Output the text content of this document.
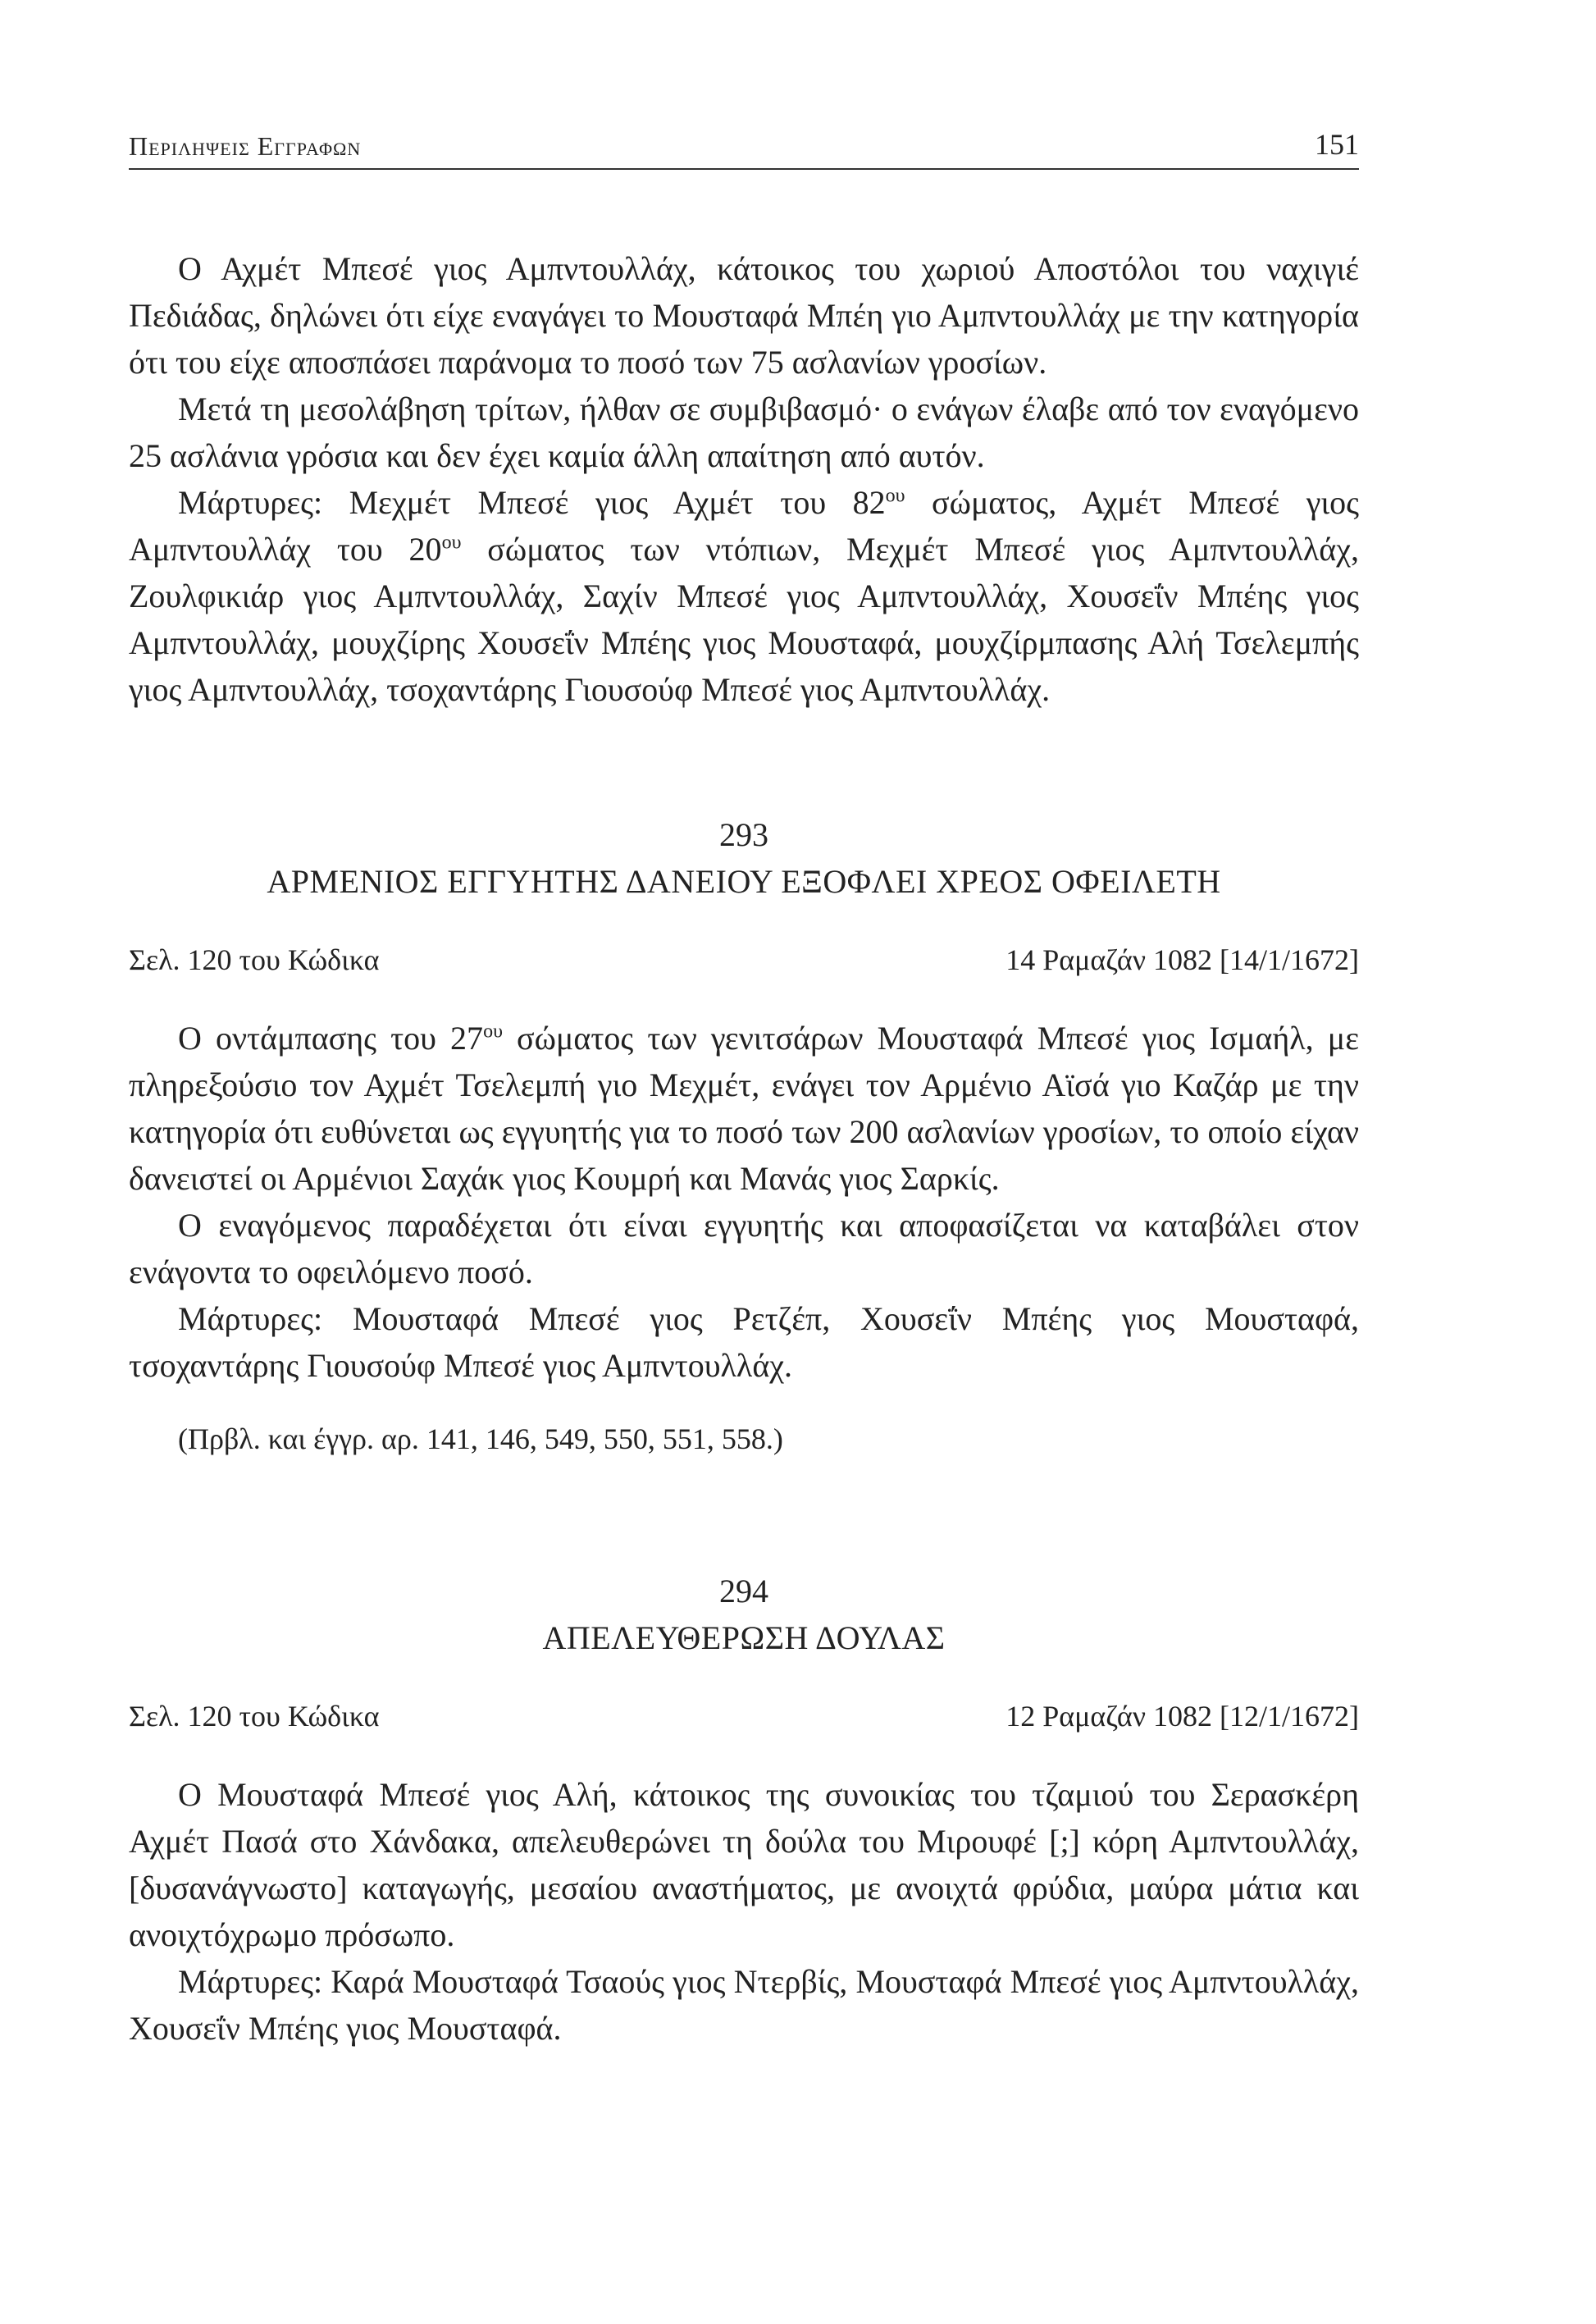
Περιληψεισ Εγγραφων	151

Ο Αχμέτ Μπεσέ γιος Αμπντουλλάχ, κάτοικος του χωριού Αποστόλοι του ναχιγιέ Πεδιάδας, δηλώνει ότι είχε εναγάγει το Μουσταφά Μπέη γιο Αμπντουλλάχ με την κατηγορία ότι του είχε αποσπάσει παράνομα το ποσό των 75 ασλανίων γροσίων.

Μετά τη μεσολάβηση τρίτων, ήλθαν σε συμβιβασμό· ο ενάγων έλαβε από τον εναγόμενο 25 ασλάνια γρόσια και δεν έχει καμία άλλη απαίτηση από αυτόν.

Μάρτυρες: Μεχμέτ Μπεσέ γιος Αχμέτ του $82^{o\upsilon}$ σώματος, Αχμέτ Μπεσέ γιος Αμπντουλλάχ του $20^{o\upsilon}$ σώματος των ντόπιων, Μεχμέτ Μπεσέ γιος Αμπντουλλάχ, Ζουλφικιάρ γιος Αμπντουλλάχ, Σαχίν Μπεσέ γιος Αμπντουλλάχ, Χουσεΐν Μπέης γιος Αμπντουλλάχ, μουχζίρης Χουσεΐν Μπέης γιος Μουσταφά, μουχζίρμπασης Αλή Τσελεμπής γιος Αμπντουλλάχ, τσοχαντάρης Γιουσούφ Μπεσέ γιος Αμπντουλλάχ.

293

ΑΡΜΕΝΙΟΣ ΕΓΓΥΗΤΗΣ ΔΑΝΕΙΟΥ ΕΞΟΦΛΕΙ ΧΡΕΟΣ ΟΦΕΙΛΕΤΗ

Σελ. 120 του Κώδικα	14 Ραμαζάν 1082 [14/1/1672]

Ο οντάμπασης του $27^{o\upsilon}$ σώματος των γενιτσάρων Μουσταφά Μπεσέ γιος Ισμαήλ, με πληρεξούσιο τον Αχμέτ Τσελεμπή γιο Μεχμέτ, ενάγει τον Αρμένιο Αϊσά γιο Καζάρ με την κατηγορία ότι ευθύνεται ως εγγυητής για το ποσό των 200 ασλανίων γροσίων, το οποίο είχαν δανειστεί οι Αρμένιοι Σαχάκ γιος Κουμρή και Μανάς γιος Σαρκίς.

Ο εναγόμενος παραδέχεται ότι είναι εγγυητής και αποφασίζεται να καταβάλει στον ενάγοντα το οφειλόμενο ποσό.

Μάρτυρες: Μουσταφά Μπεσέ γιος Ρετζέπ, Χουσεΐν Μπέης γιος Μουσταφά, τσοχαντάρης Γιουσούφ Μπεσέ γιος Αμπντουλλάχ.

(Πρβλ. και έγγρ. αρ. 141, 146, 549, 550, 551, 558.)

294

ΑΠΕΛΕΥΘΕΡΩΣΗ ΔΟΥΛΑΣ

Σελ. 120 του Κώδικα	12 Ραμαζάν 1082 [12/1/1672]

Ο Μουσταφά Μπεσέ γιος Αλή, κάτοικος της συνοικίας του τζαμιού του Σερασκέρη Αχμέτ Πασά στο Χάνδακα, απελευθερώνει τη δούλα του Μιρουφέ [;] κόρη Αμπντουλλάχ, [δυσανάγνωστο] καταγωγής, μεσαίου αναστήματος, με ανοιχτά φρύδια, μαύρα μάτια και ανοιχτόχρωμο πρόσωπο.

Μάρτυρες: Καρά Μουσταφά Τσαούς γιος Ντερβίς, Μουσταφά Μπεσέ γιος Αμπντουλλάχ, Χουσεΐν Μπέης γιος Μουσταφά.
